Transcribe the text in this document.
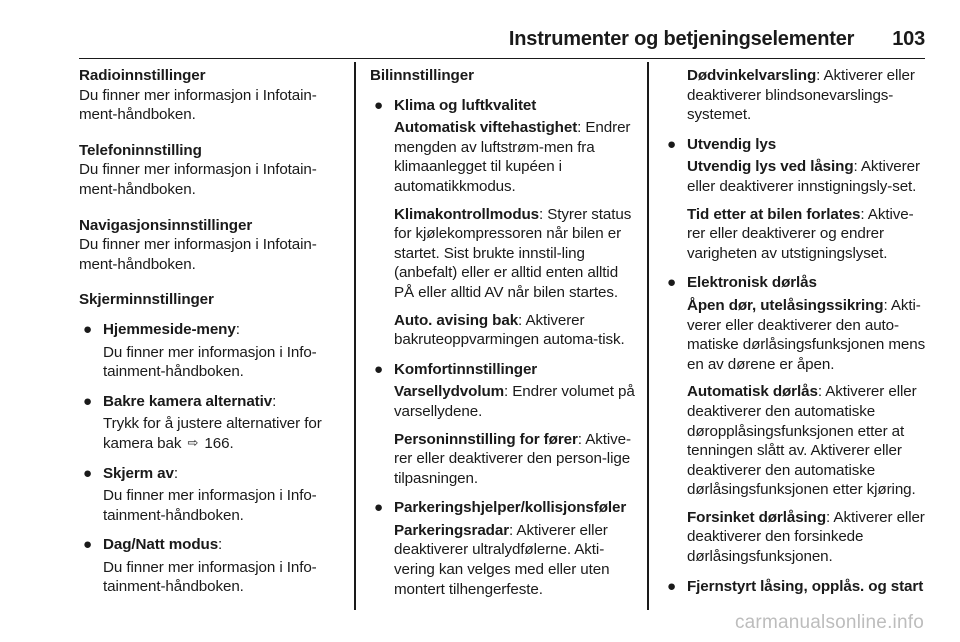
Instrumenter og betjeningselementer 103
Radioinnstillinger
Du finner mer informasjon i Infotain-ment-håndboken.
Telefoninnstilling
Du finner mer informasjon i Infotain-ment-håndboken.
Navigasjonsinnstillinger
Du finner mer informasjon i Infotain-ment-håndboken.
Skjerminnstillinger
● Hjemmeside-meny:
Du finner mer informasjon i Info-tainment-håndboken.
● Bakre kamera alternativ:
Trykk for å justere alternativer for kamera bak ⇨ 166.
● Skjerm av:
Du finner mer informasjon i Info-tainment-håndboken.
● Dag/Natt modus:
Du finner mer informasjon i Info-tainment-håndboken.
Bilinnstillinger
● Klima og luftkvalitet
Automatisk viftehastighet: Endrer mengden av luftstrøm-men fra klimaanlegget til kupéen i automatikkmodus.
Klimakontrollmodus: Styrer status for kjølekompressoren når bilen er startet. Sist brukte innstil-ling (anbefalt) eller er alltid enten alltid PÅ eller alltid AV når bilen startes.
Auto. avising bak: Aktiverer bakruteoppvarmingen automa-tisk.
● Komfortinnstillinger
Varsellydvolum: Endrer volumet på varsellydene.
Personinnstilling for fører: Aktive-rer eller deaktiverer den person-lige tilpasningen.
● Parkeringshjelper/kollisjonsføler
Parkeringsradar: Aktiverer eller deaktiverer ultralydfølerne. Akti-vering kan velges med eller uten montert tilhengerfeste.
Dødvinkelvarsling: Aktiverer eller deaktiverer blindsonevarslings-systemet.
● Utvendig lys
Utvendig lys ved låsing: Aktiverer eller deaktiverer innstigningsly-set.
Tid etter at bilen forlates: Aktive-rer eller deaktiverer og endrer varigheten av utstigningslyset.
● Elektronisk dørlås
Åpen dør, utelåsingssikring: Akti-verer eller deaktiverer den auto-matiske dørlåsingsfunksjonen mens en av dørene er åpen.
Automatisk dørlås: Aktiverer eller deaktiverer den automatiske døropplåsingsfunksjonen etter at tenningen slått av. Aktiverer eller deaktiverer den automatiske dørlåsingsfunksjonen etter kjøring.
Forsinket dørlåsing: Aktiverer eller deaktiverer den forsinkede dørlåsingsfunksjonen.
● Fjernstyrt låsing, opplås. og start
carmanualsonline.info
